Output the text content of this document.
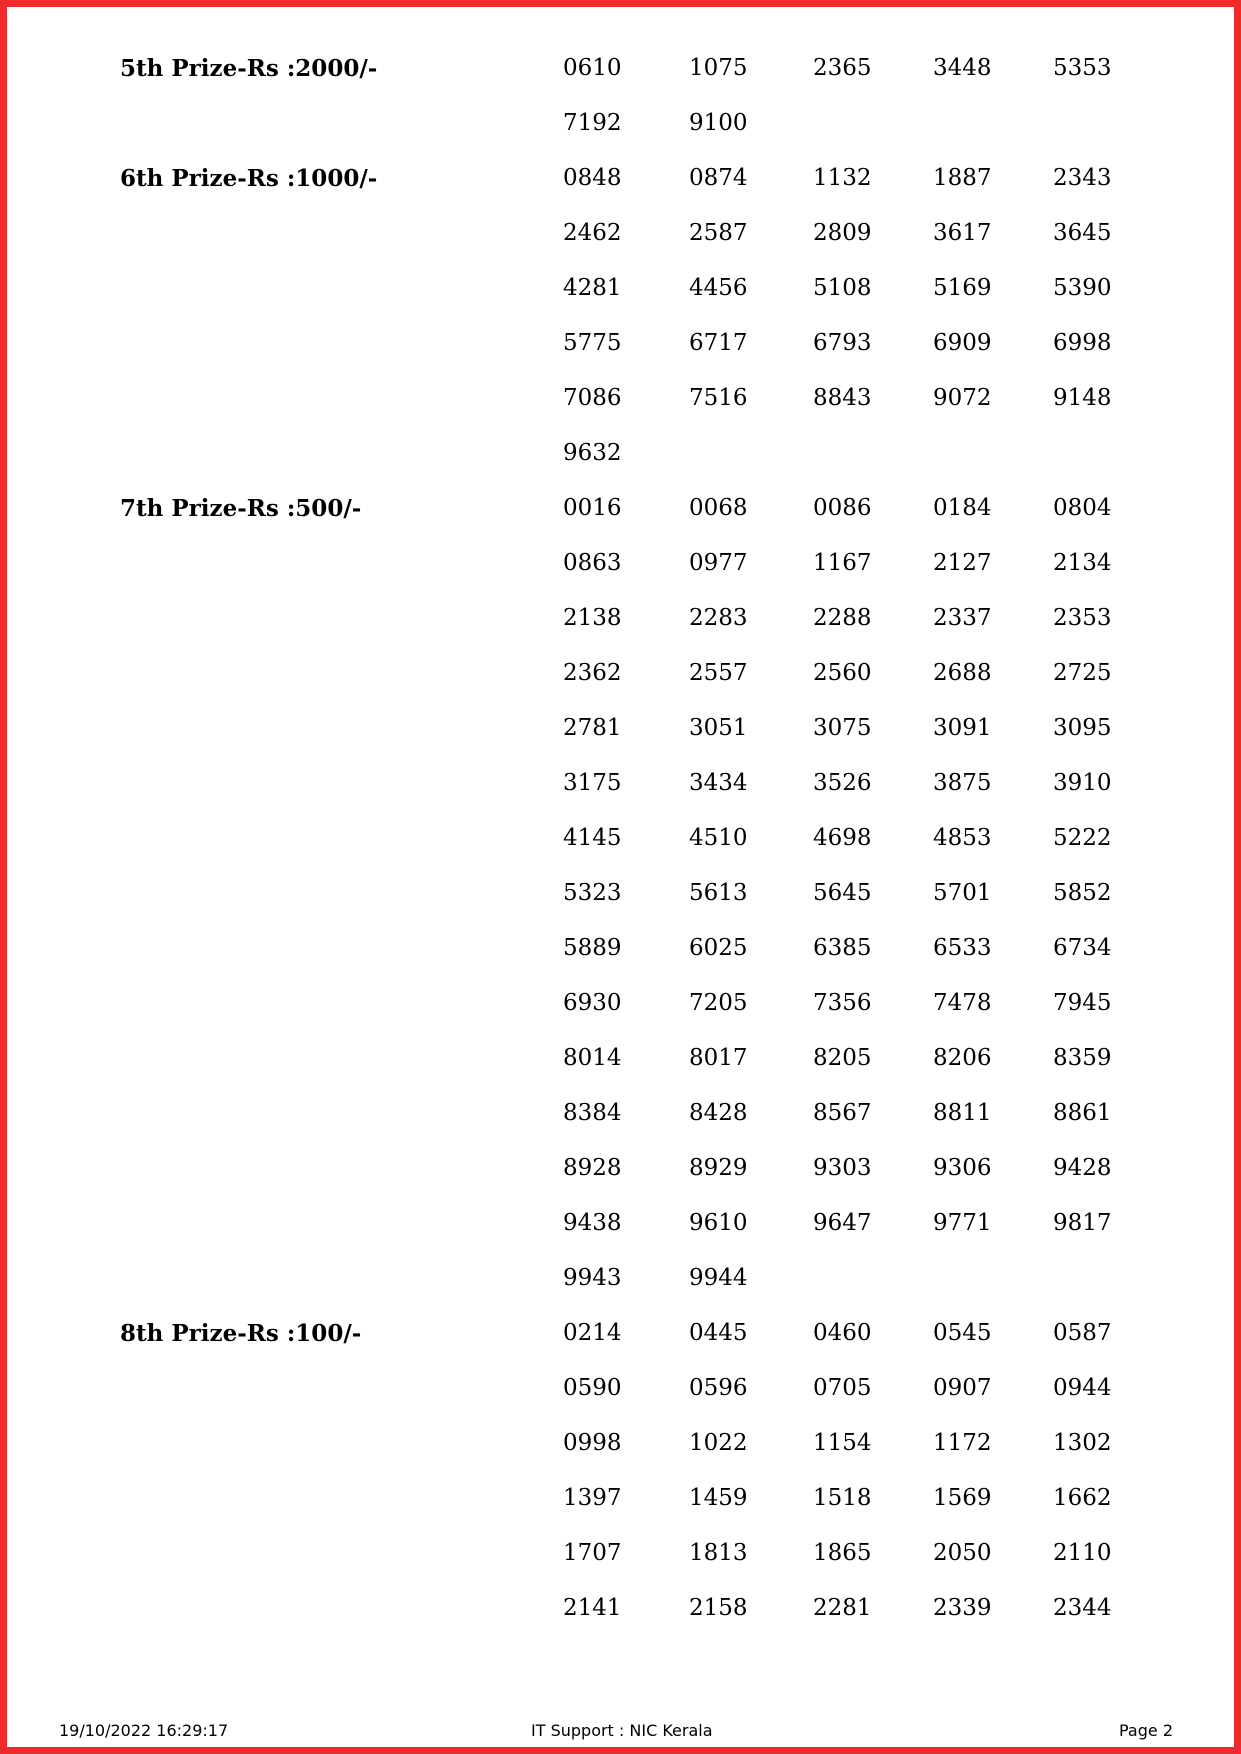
5th Prize-Rs :2000/-	0610	1075	2365	3448	5353
7192	9100
6th Prize-Rs :1000/-	0848	0874	1132	1887	2343
2462	2587	2809	3617	3645
4281	4456	5108	5169	5390
5775	6717	6793	6909	6998
7086	7516	8843	9072	9148
9632
7th Prize-Rs :500/-	0016	0068	0086	0184	0804
0863	0977	1167	2127	2134
2138	2283	2288	2337	2353
2362	2557	2560	2688	2725
2781	3051	3075	3091	3095
3175	3434	3526	3875	3910
4145	4510	4698	4853	5222
5323	5613	5645	5701	5852
5889	6025	6385	6533	6734
6930	7205	7356	7478	7945
8014	8017	8205	8206	8359
8384	8428	8567	8811	8861
8928	8929	9303	9306	9428
9438	9610	9647	9771	9817
9943	9944
8th Prize-Rs :100/-	0214	0445	0460	0545	0587
0590	0596	0705	0907	0944
0998	1022	1154	1172	1302
1397	1459	1518	1569	1662
1707	1813	1865	2050	2110
2141	2158	2281	2339	2344
19/10/2022 16:29:17	IT Support : NIC Kerala	Page 2
